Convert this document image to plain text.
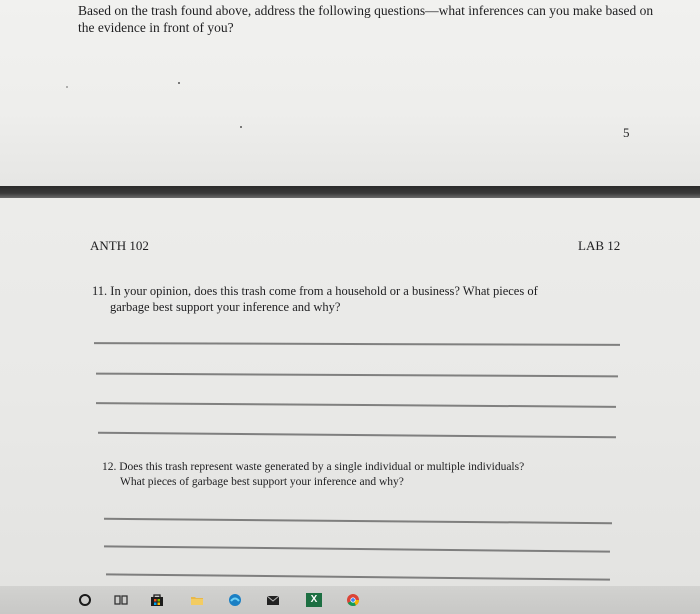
Based on the trash found above, address the following questions—what inferences can you make based on the evidence in front of you?
5
ANTH 102	LAB 12
11. In your opinion, does this trash come from a household or a business? What pieces of
garbage best support your inference and why?
12. Does this trash represent waste generated by a single individual or multiple individuals?
What pieces of garbage best support your inference and why?
X
